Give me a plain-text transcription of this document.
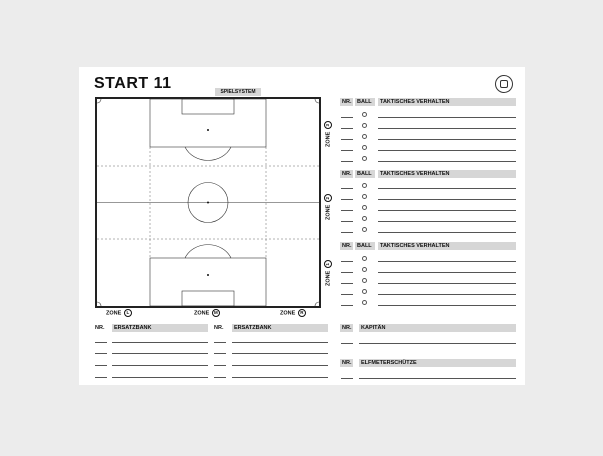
START 11	SPIELSYSTEM
ZONE 3
ZONE 2
ZONE 1
ZONE L	ZONE M	ZONE R
NR.	BALL	TAKTISCHES VERHALTEN
NR.	BALL	TAKTISCHES VERHALTEN
NR.	BALL	TAKTISCHES VERHALTEN
NR.	ERSATZBANK	NR.	ERSATZBANK	NR.	KAPITÄN
NR.	ELFMETERSCHÜTZE
